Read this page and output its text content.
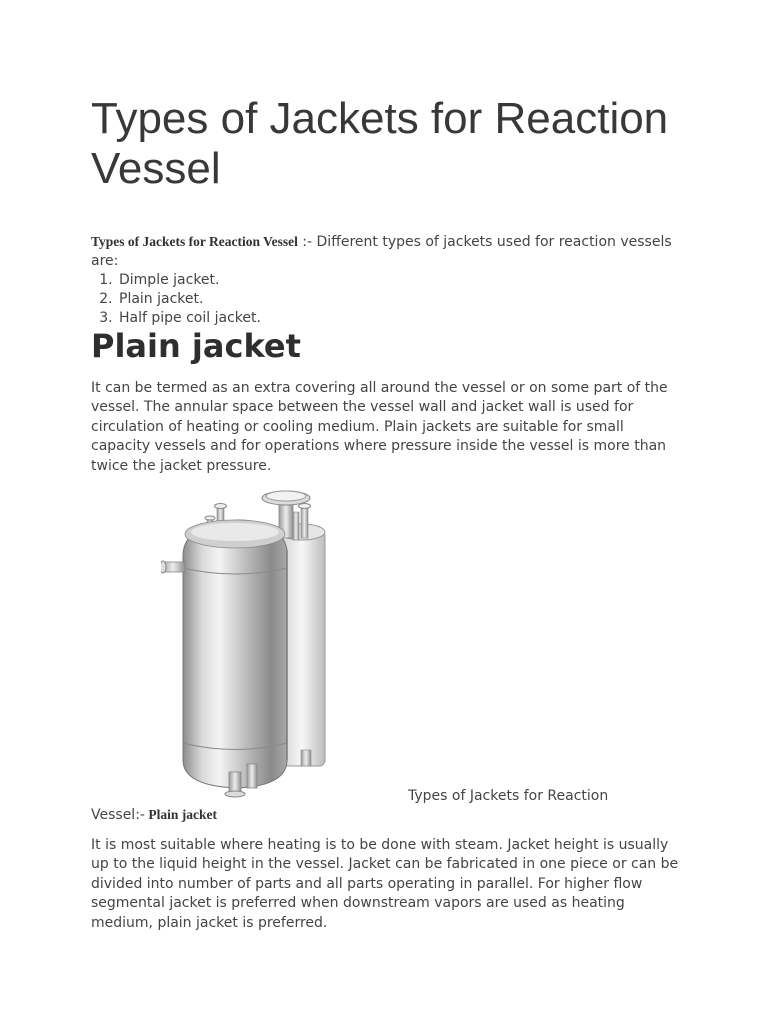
Types of Jackets for Reaction Vessel
Types of Jackets for Reaction Vessel :- Different types of jackets used for reaction vessels are:
1. Dimple jacket.
2. Plain jacket.
3. Half pipe coil jacket.
Plain jacket

It can be termed as an extra covering all around the vessel or on some part of the vessel. The annular space between the vessel wall and jacket wall is used for circulation of heating or cooling medium. Plain jackets are suitable for small capacity vessels and for operations where pressure inside the vessel is more than twice the jacket pressure.

Types of Jackets for Reaction
Vessel:- Plain jacket

It is most suitable where heating is to be done with steam. Jacket height is usually up to the liquid height in the vessel. Jacket can be fabricated in one piece or can be divided into number of parts and all parts operating in parallel. For higher flow segmental jacket is preferred when downstream vapors are used as heating medium, plain jacket is preferred.
